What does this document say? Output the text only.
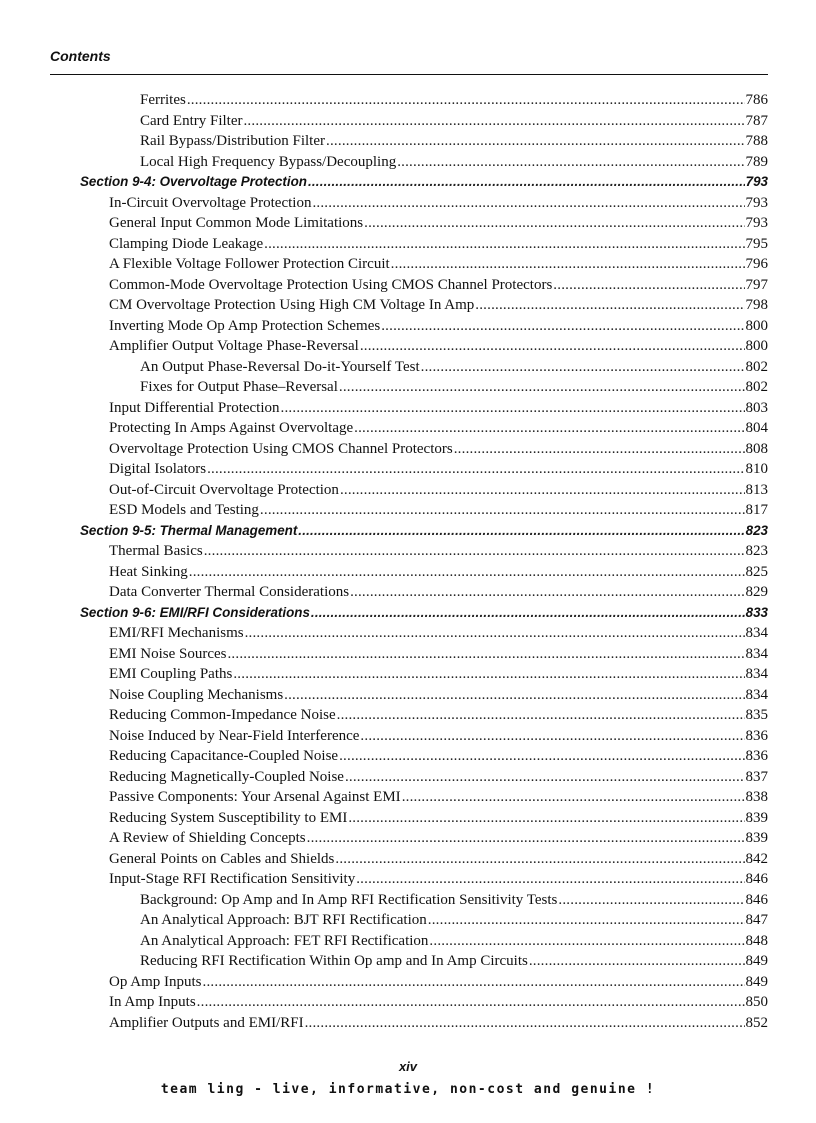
Contents
Ferrites .....	786
Card Entry Filter .....	787
Rail Bypass/Distribution Filter .....	788
Local High Frequency Bypass/Decoupling .....	789
Section 9-4: Overvoltage Protection .....	793
In-Circuit Overvoltage Protection .....	793
General Input Common Mode Limitations .....	793
Clamping Diode Leakage .....	795
A Flexible Voltage Follower Protection Circuit .....	796
Common-Mode Overvoltage Protection Using CMOS Channel Protectors .....	797
CM Overvoltage Protection Using High CM Voltage In Amp .....	798
Inverting Mode Op Amp Protection Schemes .....	800
Amplifier Output Voltage Phase-Reversal .....	800
An Output Phase-Reversal Do-it-Yourself Test .....	802
Fixes for Output Phase–Reversal .....	802
Input Differential Protection .....	803
Protecting In Amps Against Overvoltage .....	804
Overvoltage Protection Using CMOS Channel Protectors .....	808
Digital Isolators .....	810
Out-of-Circuit Overvoltage Protection .....	813
ESD Models and Testing .....	817
Section 9-5: Thermal Management .....	823
Thermal Basics .....	823
Heat Sinking .....	825
Data Converter Thermal Considerations .....	829
Section 9-6: EMI/RFI Considerations .....	833
EMI/RFI Mechanisms .....	834
EMI Noise Sources .....	834
EMI Coupling Paths .....	834
Noise Coupling Mechanisms .....	834
Reducing Common-Impedance Noise .....	835
Noise Induced by Near-Field Interference .....	836
Reducing Capacitance-Coupled Noise .....	836
Reducing Magnetically-Coupled Noise .....	837
Passive Components: Your Arsenal Against EMI .....	838
Reducing System Susceptibility to EMI .....	839
A Review of Shielding Concepts .....	839
General Points on Cables and Shields .....	842
Input-Stage RFI Rectification Sensitivity .....	846
Background: Op Amp and In Amp RFI Rectification Sensitivity Tests .....	846
An Analytical Approach: BJT RFI Rectification .....	847
An Analytical Approach: FET RFI Rectification .....	848
Reducing RFI Rectification Within Op amp and In Amp Circuits .....	849
Op Amp Inputs .....	849
In Amp Inputs .....	850
Amplifier Outputs and EMI/RFI .....	852
xiv
team ling - live, informative, non-cost and genuine !
